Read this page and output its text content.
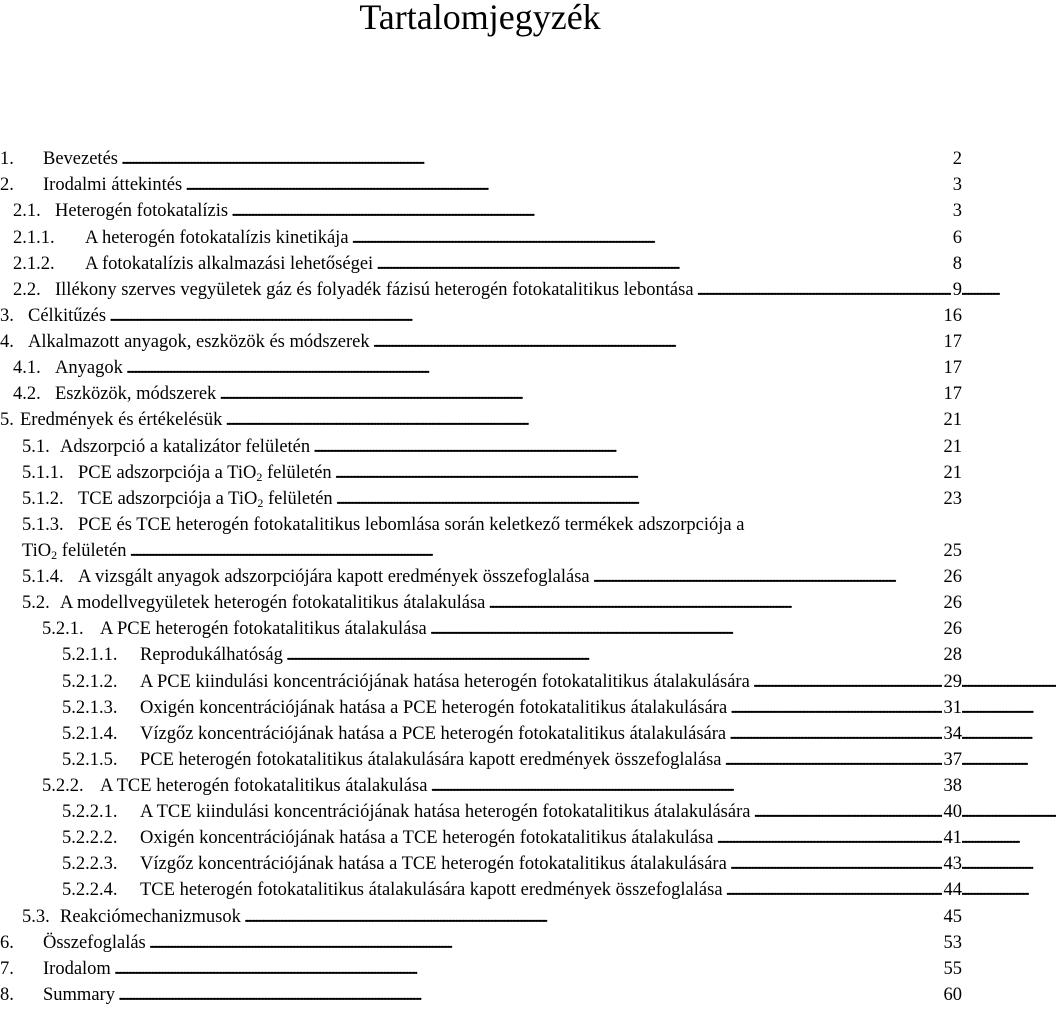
Tartalomjegyzék
1. Bevezetés . . .	2
2. Irodalmi áttekintés . . .	3
2.1. Heterogén fotokatalízis . . .	3
2.1.1. A heterogén fotokatalízis kinetikája . . .	6
2.1.2. A fotokatalízis alkalmazási lehetőségei . . .	8
2.2. Illékony szerves vegyületek gáz és folyadék fázisú heterogén fotokatalitikus lebontása . . .	9
3. Célkitűzés . . .	16
4. Alkalmazott anyagok, eszközök és módszerek . . .	17
4.1. Anyagok . . .	17
4.2. Eszközök, módszerek . . .	17
5. Eredmények és értékelésük . . .	21
5.1. Adszorpció a katalizátor felületén . . .	21
5.1.1. PCE adszorpciója a TiO$_2$ felületén . . .	21
5.1.2. TCE adszorpciója a TiO$_2$ felületén . . .	23
5.1.3. PCE és TCE heterogén fotokatalitikus lebomlása során keletkező termékek adszorpciója a
TiO$_2$ felületén . . .	25
5.1.4. A vizsgált anyagok adszorpciójára kapott eredmények összefoglalása . . .	26
5.2. A modellvegyületek heterogén fotokatalitikus átalakulása . . .	26
5.2.1. A PCE heterogén fotokatalitikus átalakulása . . .	26
5.2.1.1. Reprodukálhatóság . . .	28
5.2.1.2. A PCE kiindulási koncentrációjának hatása heterogén fotokatalitikus átalakulására . . .	29
5.2.1.3. Oxigén koncentrációjának hatása a PCE heterogén fotokatalitikus átalakulására . . .	31
5.2.1.4. Vízgőz koncentrációjának hatása a PCE heterogén fotokatalitikus átalakulására . . .	34
5.2.1.5. PCE heterogén fotokatalitikus átalakulására kapott eredmények összefoglalása . . .	37
5.2.2. A TCE heterogén fotokatalitikus átalakulása . . .	38
5.2.2.1. A TCE kiindulási koncentrációjának hatása heterogén fotokatalitikus átalakulására . . .	40
5.2.2.2. Oxigén koncentrációjának hatása a TCE heterogén fotokatalitikus átalakulása . . .	41
5.2.2.3. Vízgőz koncentrációjának hatása a TCE heterogén fotokatalitikus átalakulására . . .	43
5.2.2.4. TCE heterogén fotokatalitikus átalakulására kapott eredmények összefoglalása . . .	44
5.3. Reakciómechanizmusok . . .	45
6. Összefoglalás . . .	53
7. Irodalom . . .	55
8. Summary . . .	60
